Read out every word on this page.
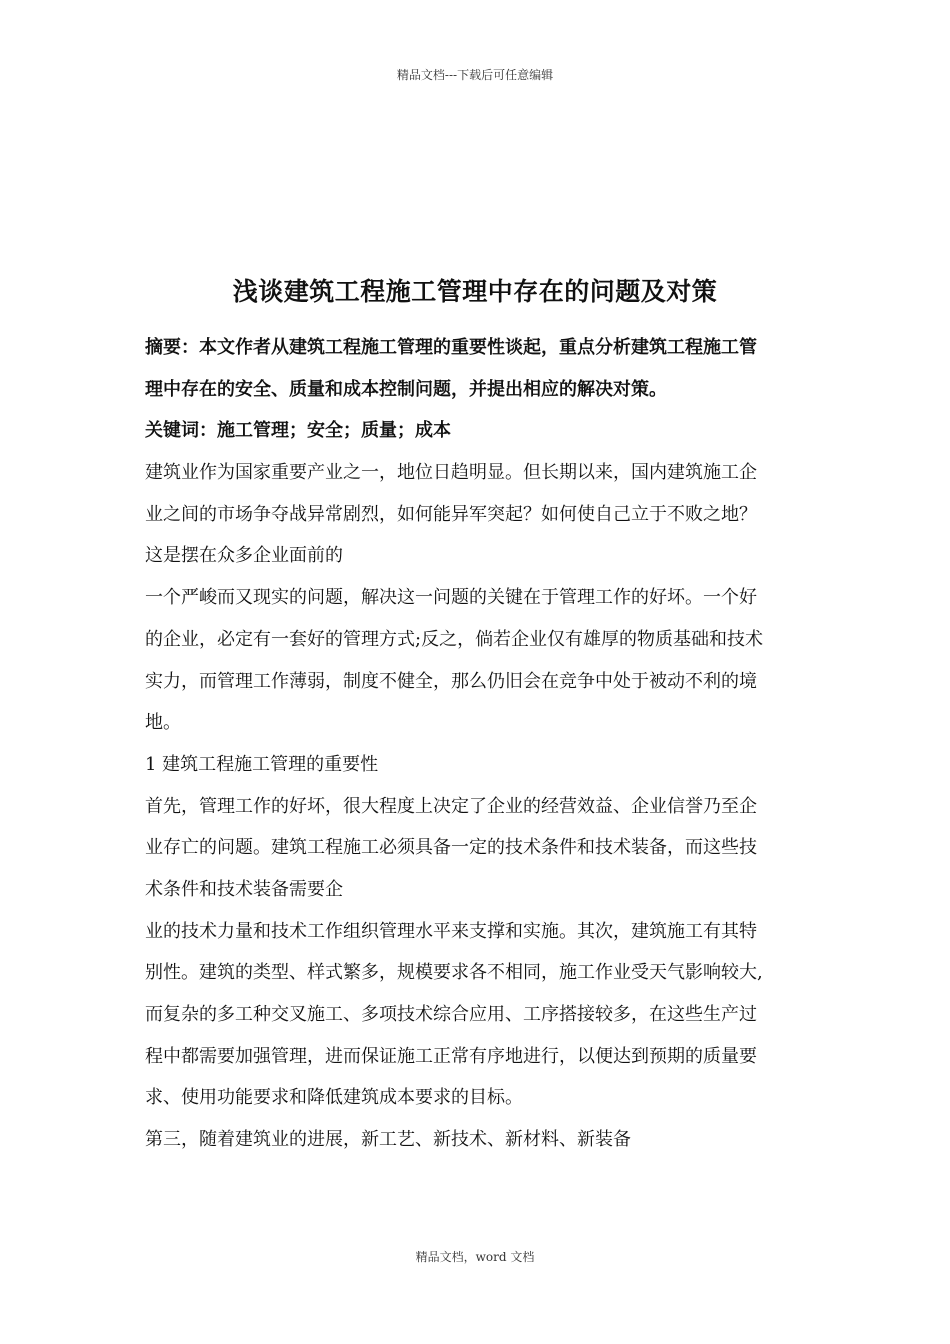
精品文档---下载后可任意编辑
浅谈建筑工程施工管理中存在的问题及对策
摘要：本文作者从建筑工程施工管理的重要性谈起，重点分析建筑工程施工管
理中存在的安全、质量和成本控制问题，并提出相应的解决对策。
关键词：施工管理；安全；质量；成本
建筑业作为国家重要产业之一，地位日趋明显。但长期以来，国内建筑施工企
业之间的市场争夺战异常剧烈，如何能异军突起？如何使自己立于不败之地？
这是摆在众多企业面前的
一个严峻而又现实的问题，解决这一问题的关键在于管理工作的好坏。一个好
的企业，必定有一套好的管理方式;反之，倘若企业仅有雄厚的物质基础和技术
实力，而管理工作薄弱，制度不健全，那么仍旧会在竞争中处于被动不利的境
地。
1 建筑工程施工管理的重要性
首先，管理工作的好坏，很大程度上决定了企业的经营效益、企业信誉乃至企
业存亡的问题。建筑工程施工必须具备一定的技术条件和技术装备，而这些技
术条件和技术装备需要企
业的技术力量和技术工作组织管理水平来支撑和实施。其次，建筑施工有其特
别性。建筑的类型、样式繁多，规模要求各不相同，施工作业受天气影响较大,
而复杂的多工种交叉施工、多项技术综合应用、工序搭接较多，在这些生产过
程中都需要加强管理，进而保证施工正常有序地进行，以便达到预期的质量要
求、使用功能要求和降低建筑成本要求的目标。
第三，随着建筑业的进展，新工艺、新技术、新材料、新装备
精品文档，word 文档
